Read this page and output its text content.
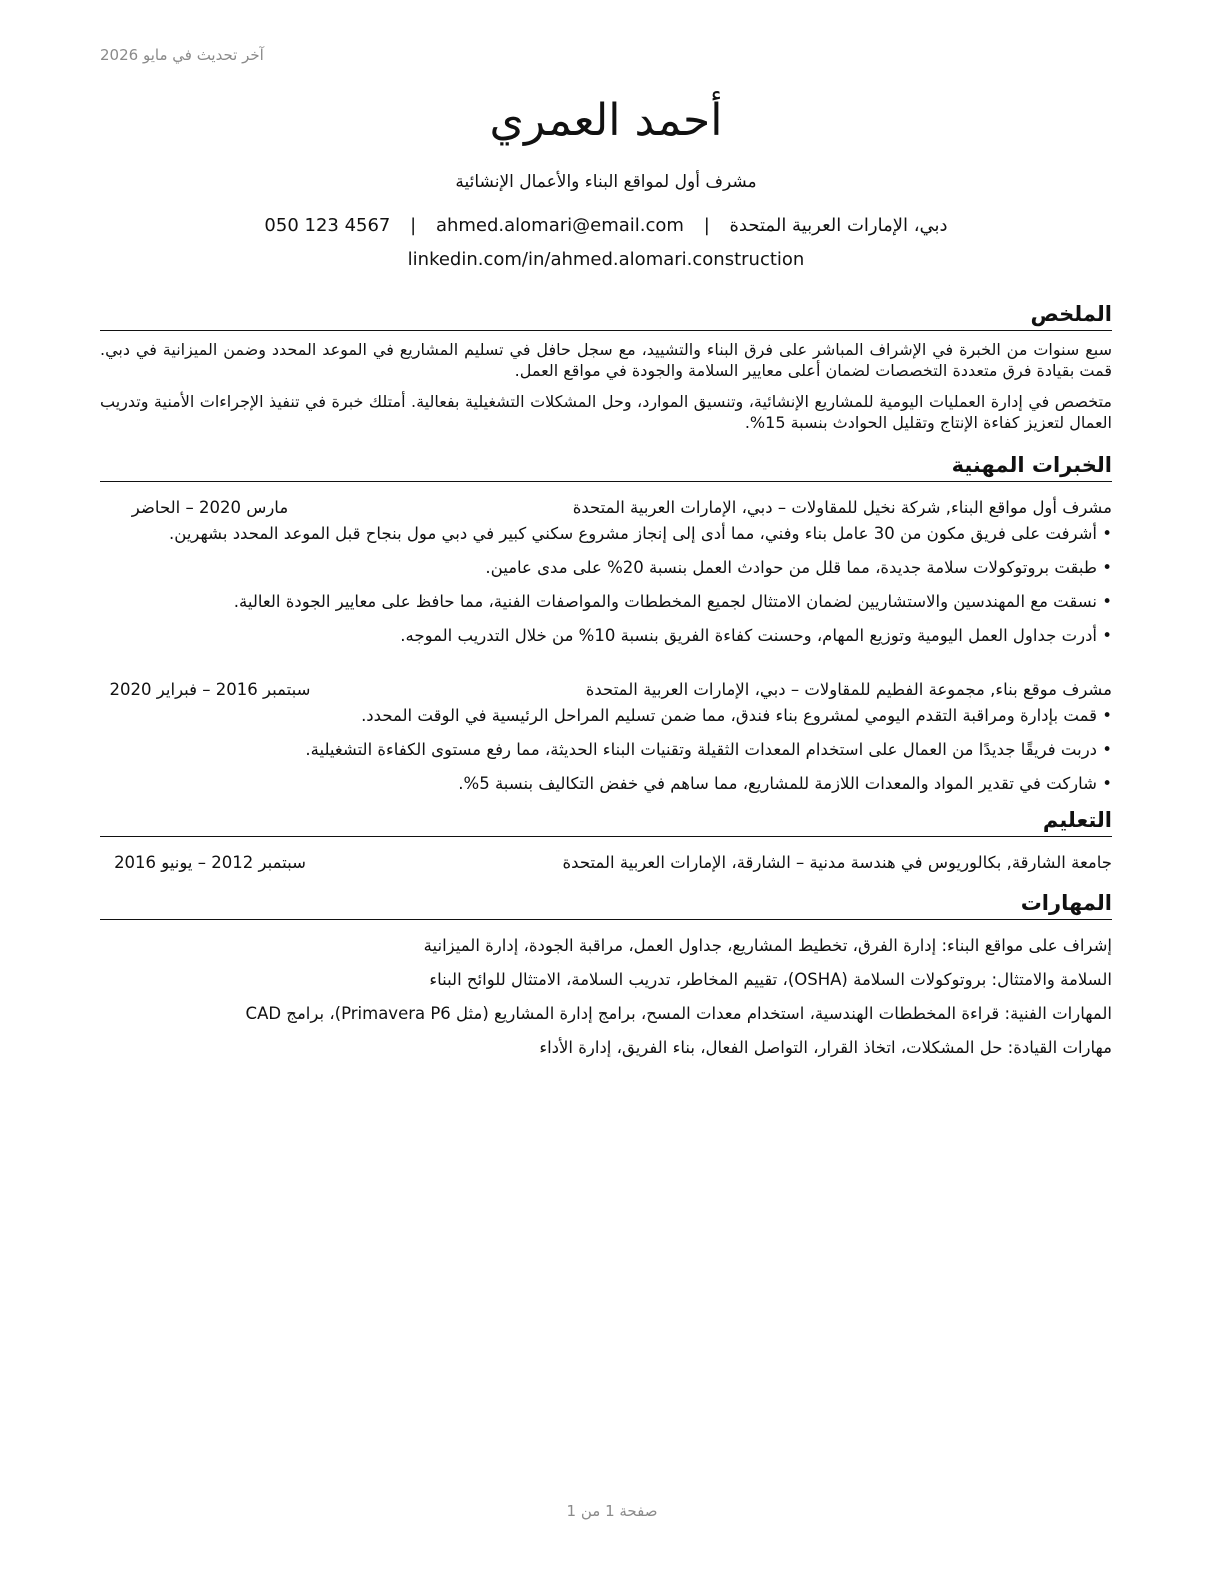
آخر تحديث في مايو 2026
أحمد العمري
مشرف أول لمواقع البناء والأعمال الإنشائية
دبي، الإمارات العربية المتحدة | ahmed.alomari@email.com | 050 123 4567
linkedin.com/in/ahmed.alomari.construction
الملخص

سبع سنوات من الخبرة في الإشراف المباشر على فرق البناء والتشييد، مع سجل حافل في تسليم المشاريع في الموعد المحدد وضمن الميزانية في دبي. قمت بقيادة فرق متعددة التخصصات لضمان أعلى معايير السلامة والجودة في مواقع العمل.

متخصص في إدارة العمليات اليومية للمشاريع الإنشائية، وتنسيق الموارد، وحل المشكلات التشغيلية بفعالية. أمتلك خبرة في تنفيذ الإجراءات الأمنية وتدريب العمال لتعزيز كفاءة الإنتاج وتقليل الحوادث بنسبة 15%.

الخبرات المهنية
مشرف أول مواقع البناء, شركة نخيل للمقاولات – دبي، الإمارات العربية المتحدة
مارس 2020 – الحاضر
• أشرفت على فريق مكون من 30 عامل بناء وفني، مما أدى إلى إنجاز مشروع سكني كبير في دبي مول بنجاح قبل الموعد المحدد بشهرين.
• طبقت بروتوكولات سلامة جديدة، مما قلل من حوادث العمل بنسبة 20% على مدى عامين.
• نسقت مع المهندسين والاستشاريين لضمان الامتثال لجميع المخططات والمواصفات الفنية، مما حافظ على معايير الجودة العالية.
• أدرت جداول العمل اليومية وتوزيع المهام، وحسنت كفاءة الفريق بنسبة 10% من خلال التدريب الموجه.
مشرف موقع بناء, مجموعة الفطيم للمقاولات – دبي، الإمارات العربية المتحدة
سبتمبر 2016 – فبراير 2020
• قمت بإدارة ومراقبة التقدم اليومي لمشروع بناء فندق، مما ضمن تسليم المراحل الرئيسية في الوقت المحدد.
• دربت فريقًا جديدًا من العمال على استخدام المعدات الثقيلة وتقنيات البناء الحديثة، مما رفع مستوى الكفاءة التشغيلية.
• شاركت في تقدير المواد والمعدات اللازمة للمشاريع، مما ساهم في خفض التكاليف بنسبة 5%.
التعليم
جامعة الشارقة, بكالوريوس في هندسة مدنية – الشارقة، الإمارات العربية المتحدة
سبتمبر 2012 – يونيو 2016
المهارات
إشراف على مواقع البناء: إدارة الفرق، تخطيط المشاريع، جداول العمل، مراقبة الجودة، إدارة الميزانية
السلامة والامتثال: بروتوكولات السلامة (OSHA)، تقييم المخاطر، تدريب السلامة، الامتثال للوائح البناء
المهارات الفنية: قراءة المخططات الهندسية، استخدام معدات المسح، برامج إدارة المشاريع (مثل Primavera P6)، برامج CAD
مهارات القيادة: حل المشكلات، اتخاذ القرار، التواصل الفعال، بناء الفريق، إدارة الأداء
صفحة 1 من 1
